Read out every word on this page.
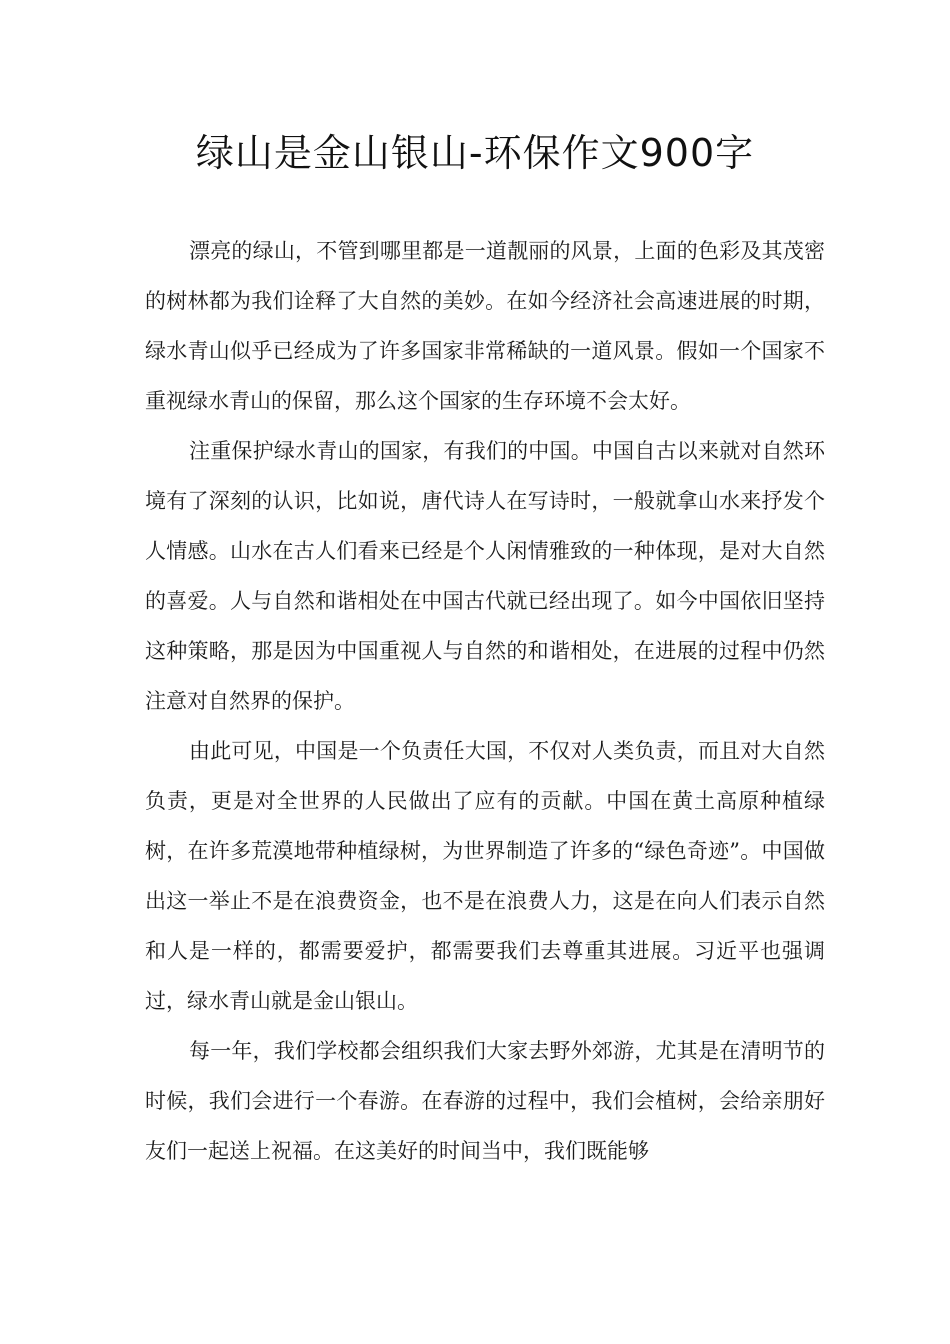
绿山是金山银山-环保作文900字

漂亮的绿山，不管到哪里都是一道靓丽的风景，上面的色彩及其茂密的树林都为我们诠释了大自然的美妙。在如今经济社会高速进展的时期，绿水青山似乎已经成为了许多国家非常稀缺的一道风景。假如一个国家不重视绿水青山的保留，那么这个国家的生存环境不会太好。

注重保护绿水青山的国家，有我们的中国。中国自古以来就对自然环境有了深刻的认识，比如说，唐代诗人在写诗时，一般就拿山水来抒发个人情感。山水在古人们看来已经是个人闲情雅致的一种体现，是对大自然的喜爱。人与自然和谐相处在中国古代就已经出现了。如今中国依旧坚持这种策略，那是因为中国重视人与自然的和谐相处，在进展的过程中仍然注意对自然界的保护。

由此可见，中国是一个负责任大国，不仅对人类负责，而且对大自然负责，更是对全世界的人民做出了应有的贡献。中国在黄土高原种植绿树，在许多荒漠地带种植绿树，为世界制造了许多的“绿色奇迹”。中国做出这一举止不是在浪费资金，也不是在浪费人力，这是在向人们表示自然和人是一样的，都需要爱护，都需要我们去尊重其进展。习近平也强调过，绿水青山就是金山银山。

每一年，我们学校都会组织我们大家去野外郊游，尤其是在清明节的时候，我们会进行一个春游。在春游的过程中，我们会植树，会给亲朋好友们一起送上祝福。在这美好的时间当中，我们既能够
